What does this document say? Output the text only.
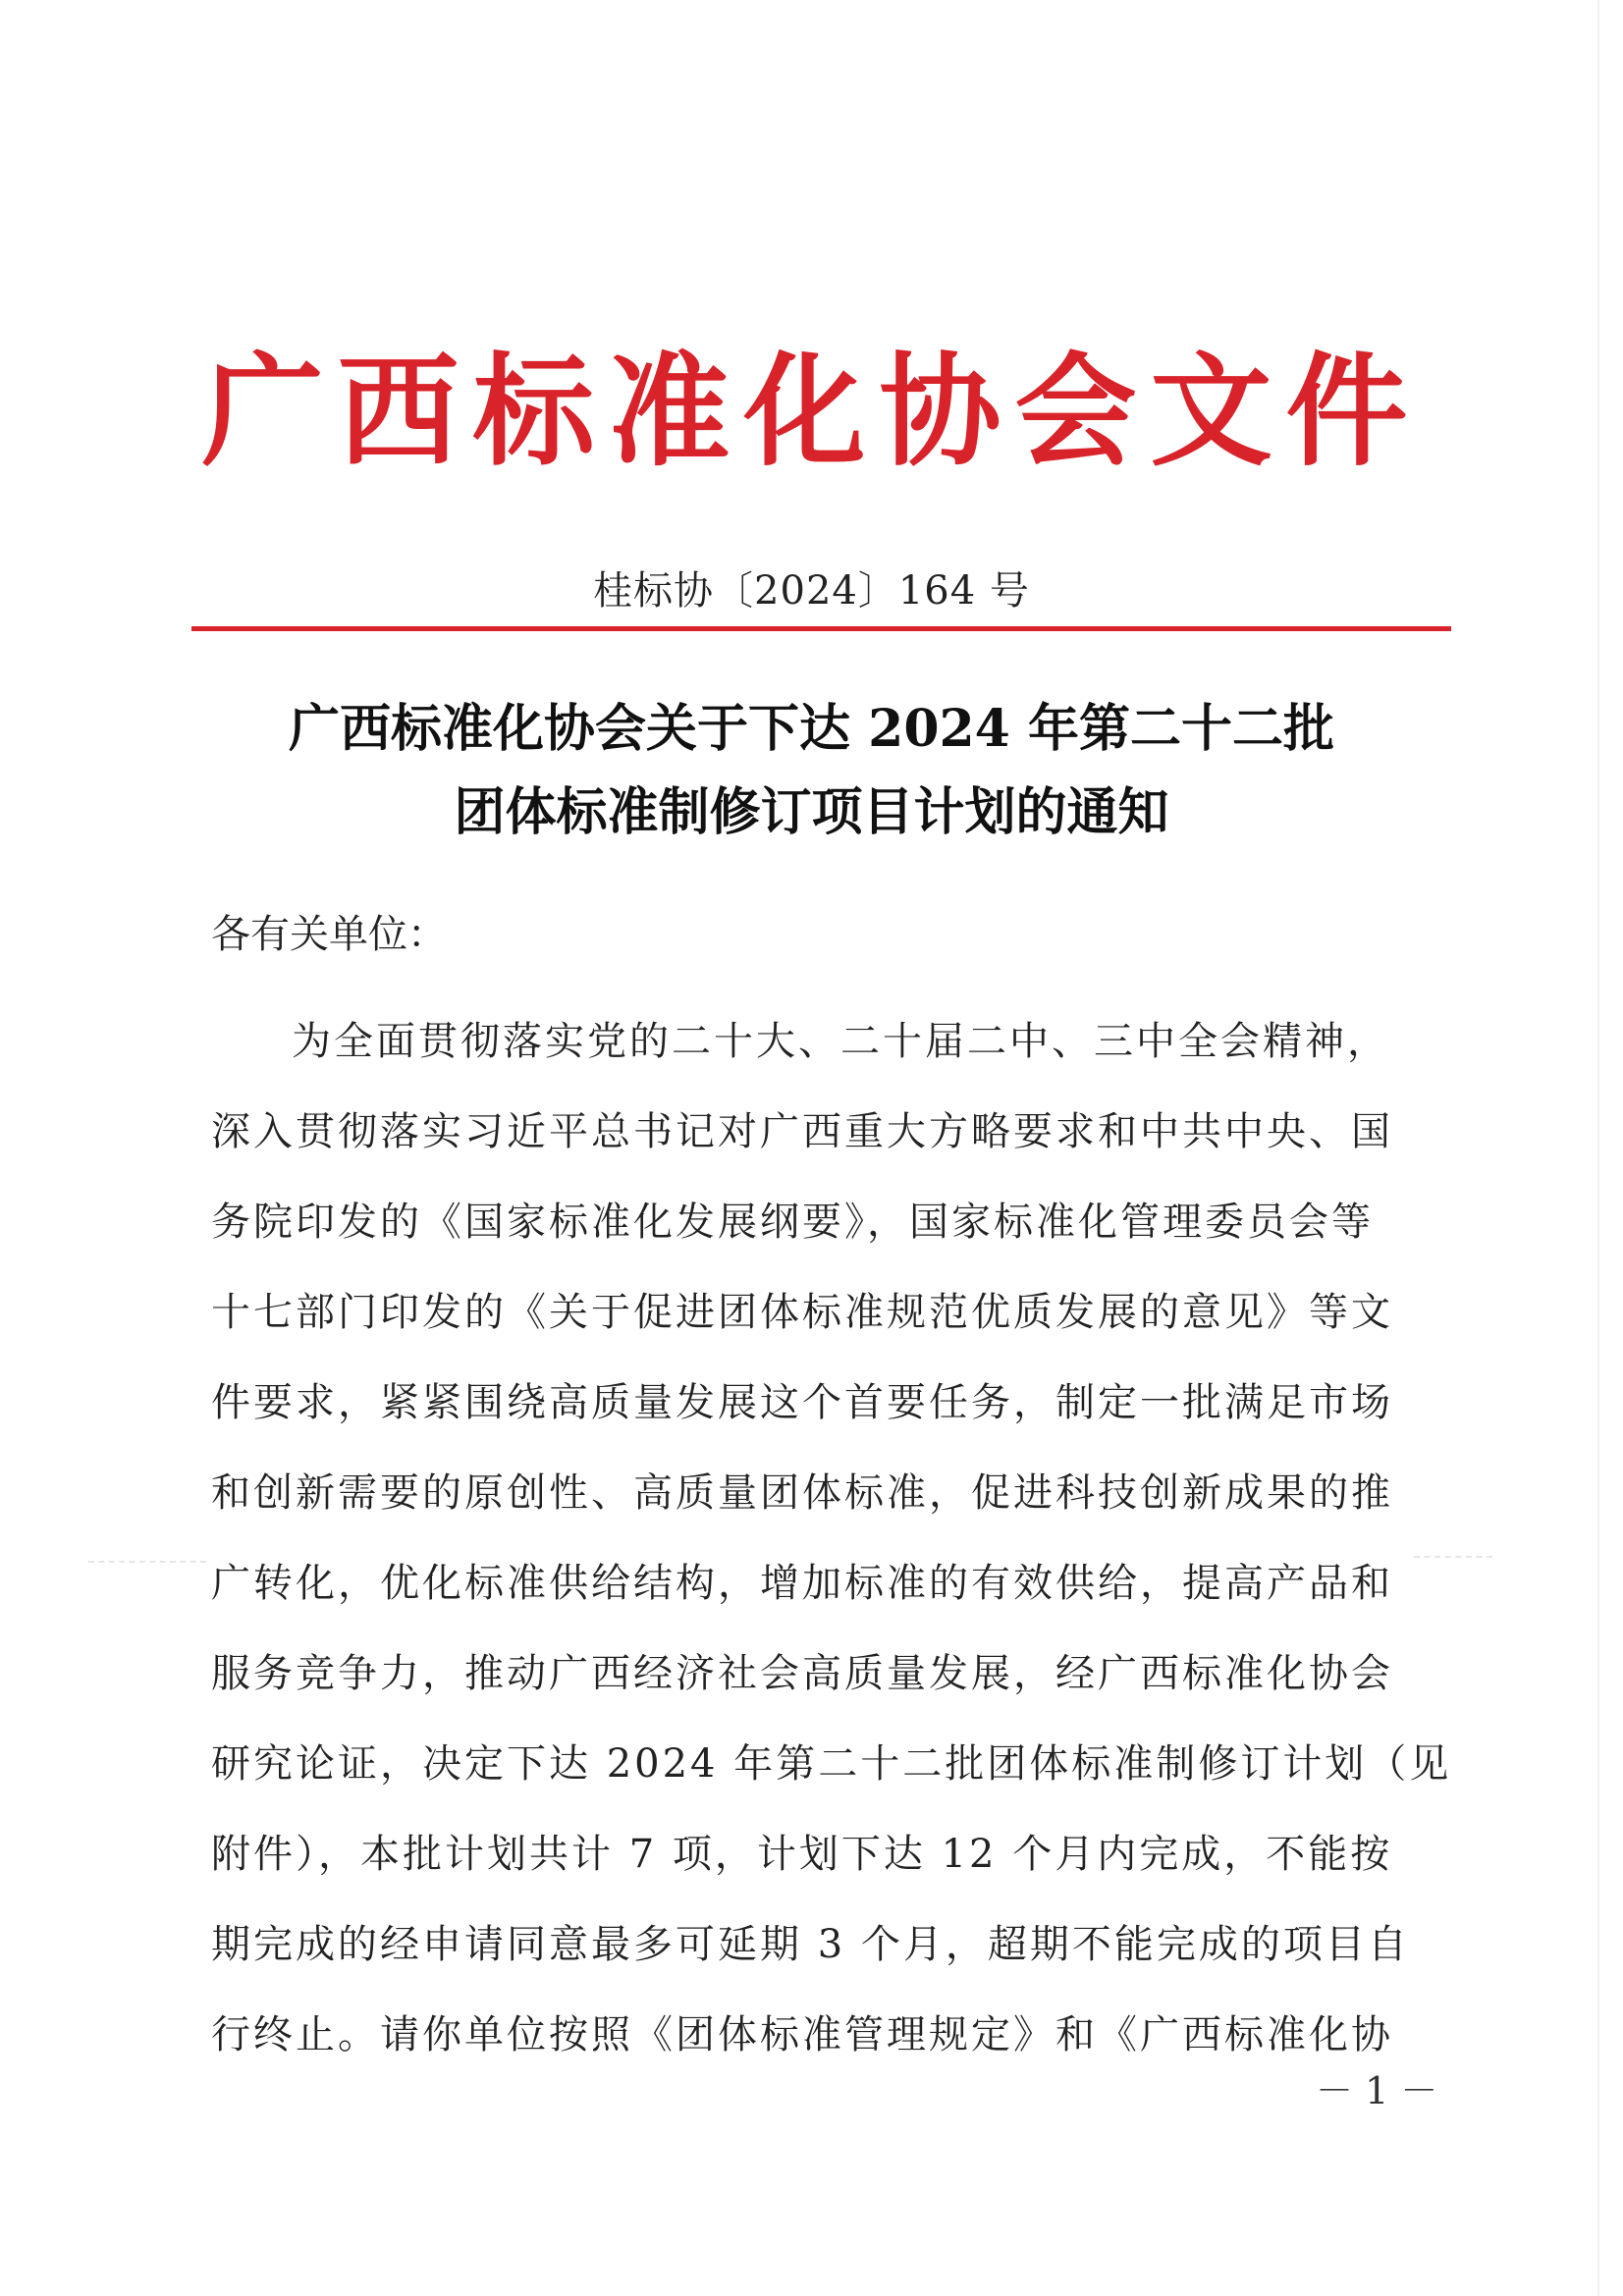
广西标准化协会文件
桂标协〔2024〕164 号
广西标准化协会关于下达 2024 年第二十二批
团体标准制修订项目计划的通知
各有关单位：
为全面贯彻落实党的二十大、二十届二中、三中全会精神，
深入贯彻落实习近平总书记对广西重大方略要求和中共中央、国
务院印发的《国家标准化发展纲要》，国家标准化管理委员会等
十七部门印发的《关于促进团体标准规范优质发展的意见》等文
件要求，紧紧围绕高质量发展这个首要任务，制定一批满足市场
和创新需要的原创性、高质量团体标准，促进科技创新成果的推
广转化，优化标准供给结构，增加标准的有效供给，提高产品和
服务竞争力，推动广西经济社会高质量发展，经广西标准化协会
研究论证，决定下达 2024 年第二十二批团体标准制修订计划（见
附件），本批计划共计 7 项，计划下达 12 个月内完成，不能按
期完成的经申请同意最多可延期 3 个月，超期不能完成的项目自
行终止。请你单位按照《团体标准管理规定》和《广西标准化协
－ 1 －
